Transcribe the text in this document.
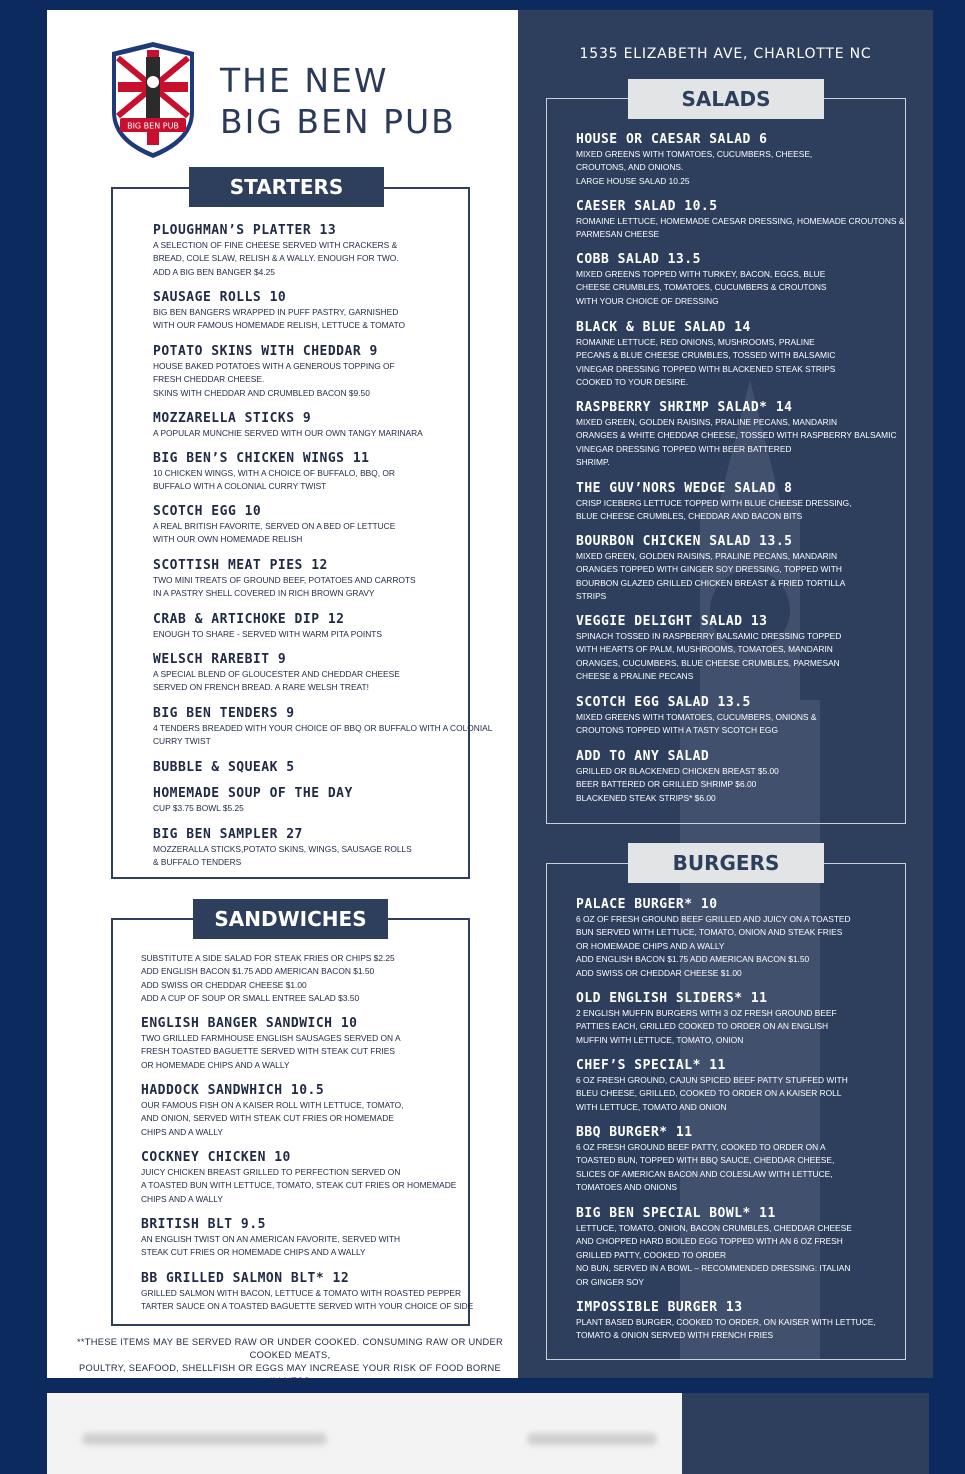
BIG BEN PUB
THE NEW
BIG BEN PUB
1535 ELIZABETH AVE, CHARLOTTE NC
STARTERS
PLOUGHMAN’S PLATTER 13
A SELECTION OF FINE CHEESE SERVED WITH CRACKERS &
BREAD, COLE SLAW, RELISH & A WALLY. ENOUGH FOR TWO.
ADD A BIG BEN BANGER $4.25
SAUSAGE ROLLS 10
BIG BEN BANGERS WRAPPED IN PUFF PASTRY, GARNISHED
WITH OUR FAMOUS HOMEMADE RELISH, LETTUCE & TOMATO
POTATO SKINS WITH CHEDDAR 9
HOUSE BAKED POTATOES WITH A GENEROUS TOPPING OF
FRESH CHEDDAR CHEESE.
SKINS WITH CHEDDAR AND CRUMBLED BACON $9.50
MOZZARELLA STICKS 9
A POPULAR MUNCHIE SERVED WITH OUR OWN TANGY MARINARA
BIG BEN’S CHICKEN WINGS 11
10 CHICKEN WINGS, WITH A CHOICE OF BUFFALO, BBQ, OR
BUFFALO WITH A COLONIAL CURRY TWIST
SCOTCH EGG 10
A REAL BRITISH FAVORITE, SERVED ON A BED OF LETTUCE
WITH OUR OWN HOMEMADE RELISH
SCOTTISH MEAT PIES 12
TWO MINI TREATS OF GROUND BEEF, POTATOES AND CARROTS
IN A PASTRY SHELL COVERED IN RICH BROWN GRAVY
CRAB & ARTICHOKE DIP 12
ENOUGH TO SHARE - SERVED WITH WARM PITA POINTS
WELSCH RAREBIT 9
A SPECIAL BLEND OF GLOUCESTER AND CHEDDAR CHEESE
SERVED ON FRENCH BREAD. A RARE WELSH TREAT!
BIG BEN TENDERS 9
4 TENDERS BREADED WITH YOUR CHOICE OF BBQ OR BUFFALO WITH A COLONIAL
CURRY TWIST
BUBBLE & SQUEAK 5
HOMEMADE SOUP OF THE DAY
CUP $3.75 BOWL $5.25
BIG BEN SAMPLER 27
MOZZERALLA STICKS,POTATO SKINS, WINGS, SAUSAGE ROLLS
& BUFFALO TENDERS
SANDWICHES
SUBSTITUTE A SIDE SALAD FOR STEAK FRIES OR CHIPS $2.25
ADD ENGLISH BACON $1.75 ADD AMERICAN BACON $1.50
ADD SWISS OR CHEDDAR CHEESE $1.00
ADD A CUP OF SOUP OR SMALL ENTREE SALAD $3.50
ENGLISH BANGER SANDWICH 10
TWO GRILLED FARMHOUSE ENGLISH SAUSAGES SERVED ON A
FRESH TOASTED BAGUETTE SERVED WITH STEAK CUT FRIES
OR HOMEMADE CHIPS AND A WALLY
HADDOCK SANDWHICH 10.5
OUR FAMOUS FISH ON A KAISER ROLL WITH LETTUCE, TOMATO,
AND ONION, SERVED WITH STEAK CUT FRIES OR HOMEMADE
CHIPS AND A WALLY
COCKNEY CHICKEN 10
JUICY CHICKEN BREAST GRILLED TO PERFECTION SERVED ON
A TOASTED BUN WITH LETTUCE, TOMATO, STEAK CUT FRIES OR HOMEMADE
CHIPS AND A WALLY
BRITISH BLT 9.5
AN ENGLISH TWIST ON AN AMERICAN FAVORITE, SERVED WITH
STEAK CUT FRIES OR HOMEMADE CHIPS AND A WALLY
BB GRILLED SALMON BLT* 12
GRILLED SALMON WITH BACON, LETTUCE & TOMATO WITH ROASTED PEPPER
TARTER SAUCE ON A TOASTED BAGUETTE SERVED WITH YOUR CHOICE OF SIDE
**THESE ITEMS MAY BE SERVED RAW OR UNDER COOKED. CONSUMING RAW OR UNDER COOKED MEATS,
POULTRY, SEAFOOD, SHELLFISH OR EGGS MAY INCREASE YOUR RISK OF FOOD BORNE ILLNESS
SALADS
HOUSE OR CAESAR SALAD 6
MIXED GREENS WITH TOMATOES, CUCUMBERS, CHEESE,
CROUTONS, AND ONIONS.
LARGE HOUSE SALAD 10.25
CAESER SALAD 10.5
ROMAINE LETTUCE, HOMEMADE CAESAR DRESSING, HOMEMADE CROUTONS &
PARMESAN CHEESE
COBB SALAD 13.5
MIXED GREENS TOPPED WITH TURKEY, BACON, EGGS, BLUE
CHEESE CRUMBLES, TOMATOES, CUCUMBERS & CROUTONS
WITH YOUR CHOICE OF DRESSING
BLACK & BLUE SALAD 14
ROMAINE LETTUCE, RED ONIONS, MUSHROOMS, PRALINE
PECANS & BLUE CHEESE CRUMBLES, TOSSED WITH BALSAMIC
VINEGAR DRESSING TOPPED WITH BLACKENED STEAK STRIPS
COOKED TO YOUR DESIRE.
RASPBERRY SHRIMP SALAD* 14
MIXED GREEN, GOLDEN RAISINS, PRALINE PECANS, MANDARIN
ORANGES & WHITE CHEDDAR CHEESE, TOSSED WITH RASPBERRY BALSAMIC
VINEGAR DRESSING TOPPED WITH BEER BATTERED
SHRIMP.
THE GUV’NORS WEDGE SALAD 8
CRISP ICEBERG LETTUCE TOPPED WITH BLUE CHEESE DRESSING,
BLUE CHEESE CRUMBLES, CHEDDAR AND BACON BITS
BOURBON CHICKEN SALAD 13.5
MIXED GREEN, GOLDEN RAISINS, PRALINE PECANS, MANDARIN
ORANGES TOPPED WITH GINGER SOY DRESSING, TOPPED WITH
BOURBON GLAZED GRILLED CHICKEN BREAST & FRIED TORTILLA
STRIPS
VEGGIE DELIGHT SALAD 13
SPINACH TOSSED IN RASPBERRY BALSAMIC DRESSING TOPPED
WITH HEARTS OF PALM, MUSHROOMS, TOMATOES, MANDARIN
ORANGES, CUCUMBERS, BLUE CHEESE CRUMBLES, PARMESAN
CHEESE & PRALINE PECANS
SCOTCH EGG SALAD 13.5
MIXED GREENS WITH TOMATOES, CUCUMBERS, ONIONS &
CROUTONS TOPPED WITH A TASTY SCOTCH EGG
ADD TO ANY SALAD
GRILLED OR BLACKENED CHICKEN BREAST $5.00
BEER BATTERED OR GRILLED SHRIMP $6.00
BLACKENED STEAK STRIPS* $6.00
BURGERS
PALACE BURGER* 10
6 OZ OF FRESH GROUND BEEF GRILLED AND JUICY ON A TOASTED
BUN SERVED WITH LETTUCE, TOMATO, ONION AND STEAK FRIES
OR HOMEMADE CHIPS AND A WALLY
ADD ENGLISH BACON $1.75 ADD AMERICAN BACON $1.50
ADD SWISS OR CHEDDAR CHEESE $1.00
OLD ENGLISH SLIDERS* 11
2 ENGLISH MUFFIN BURGERS WITH 3 OZ FRESH GROUND BEEF
PATTIES EACH, GRILLED COOKED TO ORDER ON AN ENGLISH
MUFFIN WITH LETTUCE, TOMATO, ONION
CHEF’S SPECIAL* 11
6 OZ FRESH GROUND, CAJUN SPICED BEEF PATTY STUFFED WITH
BLEU CHEESE, GRILLED, COOKED TO ORDER ON A KAISER ROLL
WITH LETTUCE, TOMATO AND ONION
BBQ BURGER* 11
6 OZ FRESH GROUND BEEF PATTY, COOKED TO ORDER ON A
TOASTED BUN, TOPPED WITH BBQ SAUCE, CHEDDAR CHEESE,
SLICES OF AMERICAN BACON AND COLESLAW WITH LETTUCE,
TOMATOES AND ONIONS
BIG BEN SPECIAL BOWL* 11
LETTUCE, TOMATO, ONION, BACON CRUMBLES, CHEDDAR CHEESE
AND CHOPPED HARD BOILED EGG TOPPED WITH AN 6 OZ FRESH
GRILLED PATTY, COOKED TO ORDER
NO BUN, SERVED IN A BOWL – RECOMMENDED DRESSING: ITALIAN
OR GINGER SOY
IMPOSSIBLE BURGER 13
PLANT BASED BURGER, COOKED TO ORDER, ON KAISER WITH LETTUCE,
TOMATO & ONION SERVED WITH FRENCH FRIES
